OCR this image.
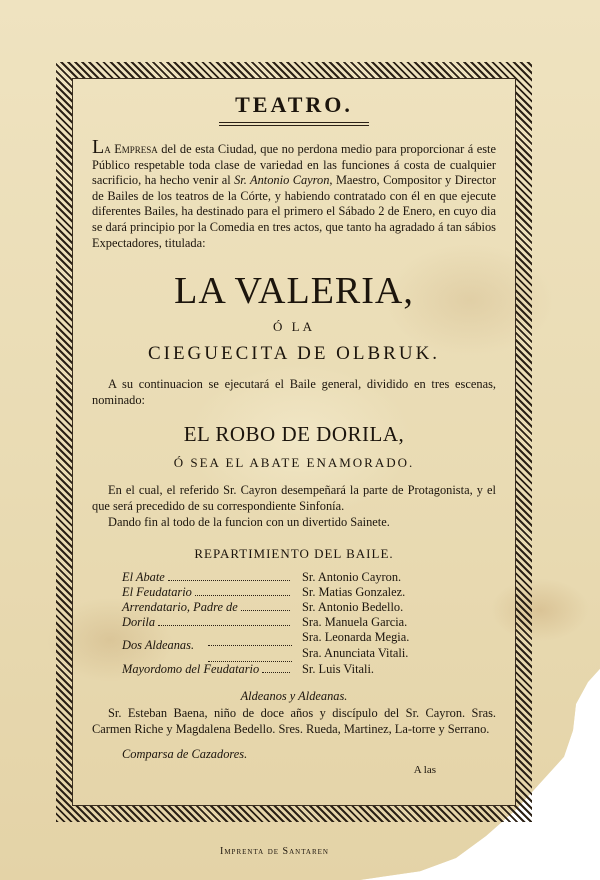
TEATRO.

La Empresa del de esta Ciudad, que no perdona medio para proporcionar á este Público respetable toda clase de variedad en las funciones á costa de cualquier sacrificio, ha hecho venir al Sr. Antonio Cayron, Maestro, Compositor y Director de Bailes de los teatros de la Córte, y habiendo contratado con él en que ejecute diferentes Bailes, ha destinado para el primero el Sábado 2 de Enero, en cuyo dia se dará principio por la Comedia en tres actos, que tanto ha agradado á tan sábios Expectadores, titulada:

LA VALERIA,
Ó LA
CIEGUECITA DE OLBRUK.

A su continuacion se ejecutará el Baile general, dividido en tres escenas, nominado:

EL ROBO DE DORILA,
Ó SEA EL ABATE ENAMORADO.

En el cual, el referido Sr. Cayron desempeñará la parte de Protagonista, y el que será precedido de su correspondiente Sinfonía.

Dando fin al todo de la funcion con un divertido Sainete.

REPARTIMIENTO DEL BAILE.
El Abate		Sr. Antonio Cayron.

El Feudatario		Sr. Matias Gonzalez.

Arrendatario, Padre de		Sr. Antonio Bedello.

Dorila		Sra. Manuela Garcia.
Dos Aldeanas.		Sra. Leonarda Megia.
		Sra. Anunciata Vitali.

Mayordomo del Feudatario		Sr. Luis Vitali.
Aldeanos y Aldeanas.

Sr. Esteban Baena, niño de doce años y discípulo del Sr. Cayron. Sras. Carmen Riche y Magdalena Bedello. Sres. Rueda, Martinez, La-torre y Serrano.

Comparsa de Cazadores.
A las
Imprenta de Santaren
